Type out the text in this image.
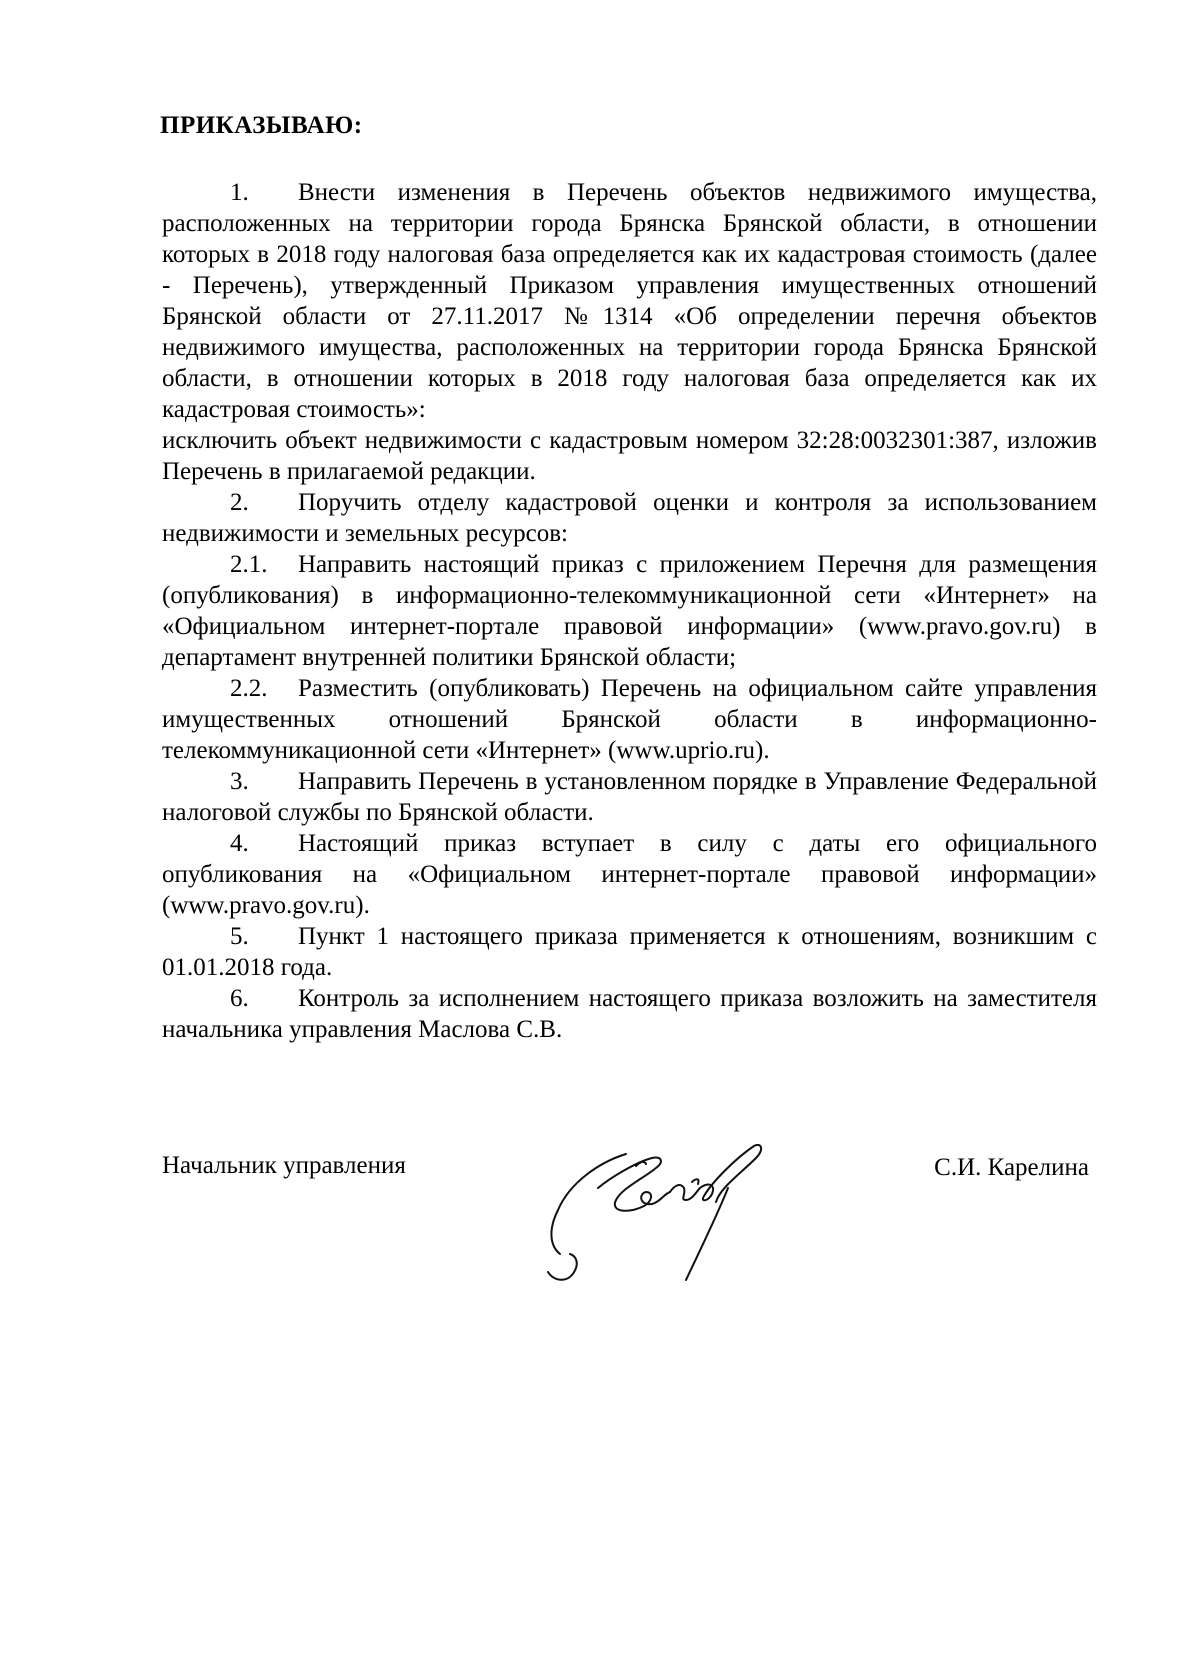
ПРИКАЗЫВАЮ:

1. Внести изменения в Перечень объектов недвижимого имущества, расположенных на территории города Брянска Брянской области, в отношении которых в 2018 году налоговая база определяется как их кадастровая стоимость (далее - Перечень), утвержденный Приказом управления имущественных отношений Брянской области от 27.11.2017 №1314 «Об определении перечня объектов недвижимого имущества, расположенных на территории города Брянска Брянской области, в отношении которых в 2018 году налоговая база определяется как их кадастровая стоимость»:

исключить объект недвижимости с кадастровым номером 32:28:0032301:387, изложив Перечень в прилагаемой редакции.

2. Поручить отделу кадастровой оценки и контроля за использованием недвижимости и земельных ресурсов:

2.1. Направить настоящий приказ с приложением Перечня для размещения (опубликования) в информационно-телекоммуникационной сети «Интернет» на «Официальном интернет-портале правовой информации» (www.pravo.gov.ru) в департамент внутренней политики Брянской области;

2.2. Разместить (опубликовать) Перечень на официальном сайте управления имущественных отношений Брянской области в информационно-телекоммуникационной сети «Интернет» (www.uprio.ru).

3. Направить Перечень в установленном порядке в Управление Федеральной налоговой службы по Брянской области.

4. Настоящий приказ вступает в силу с даты его официального опубликования на «Официальном интернет-портале правовой информации» (www.pravo.gov.ru).

5. Пункт 1 настоящего приказа применяется к отношениям, возникшим с 01.01.2018 года.

6. Контроль за исполнением настоящего приказа возложить на заместителя начальника управления Маслова С.В.

Начальник управления	С.И. Карелина
